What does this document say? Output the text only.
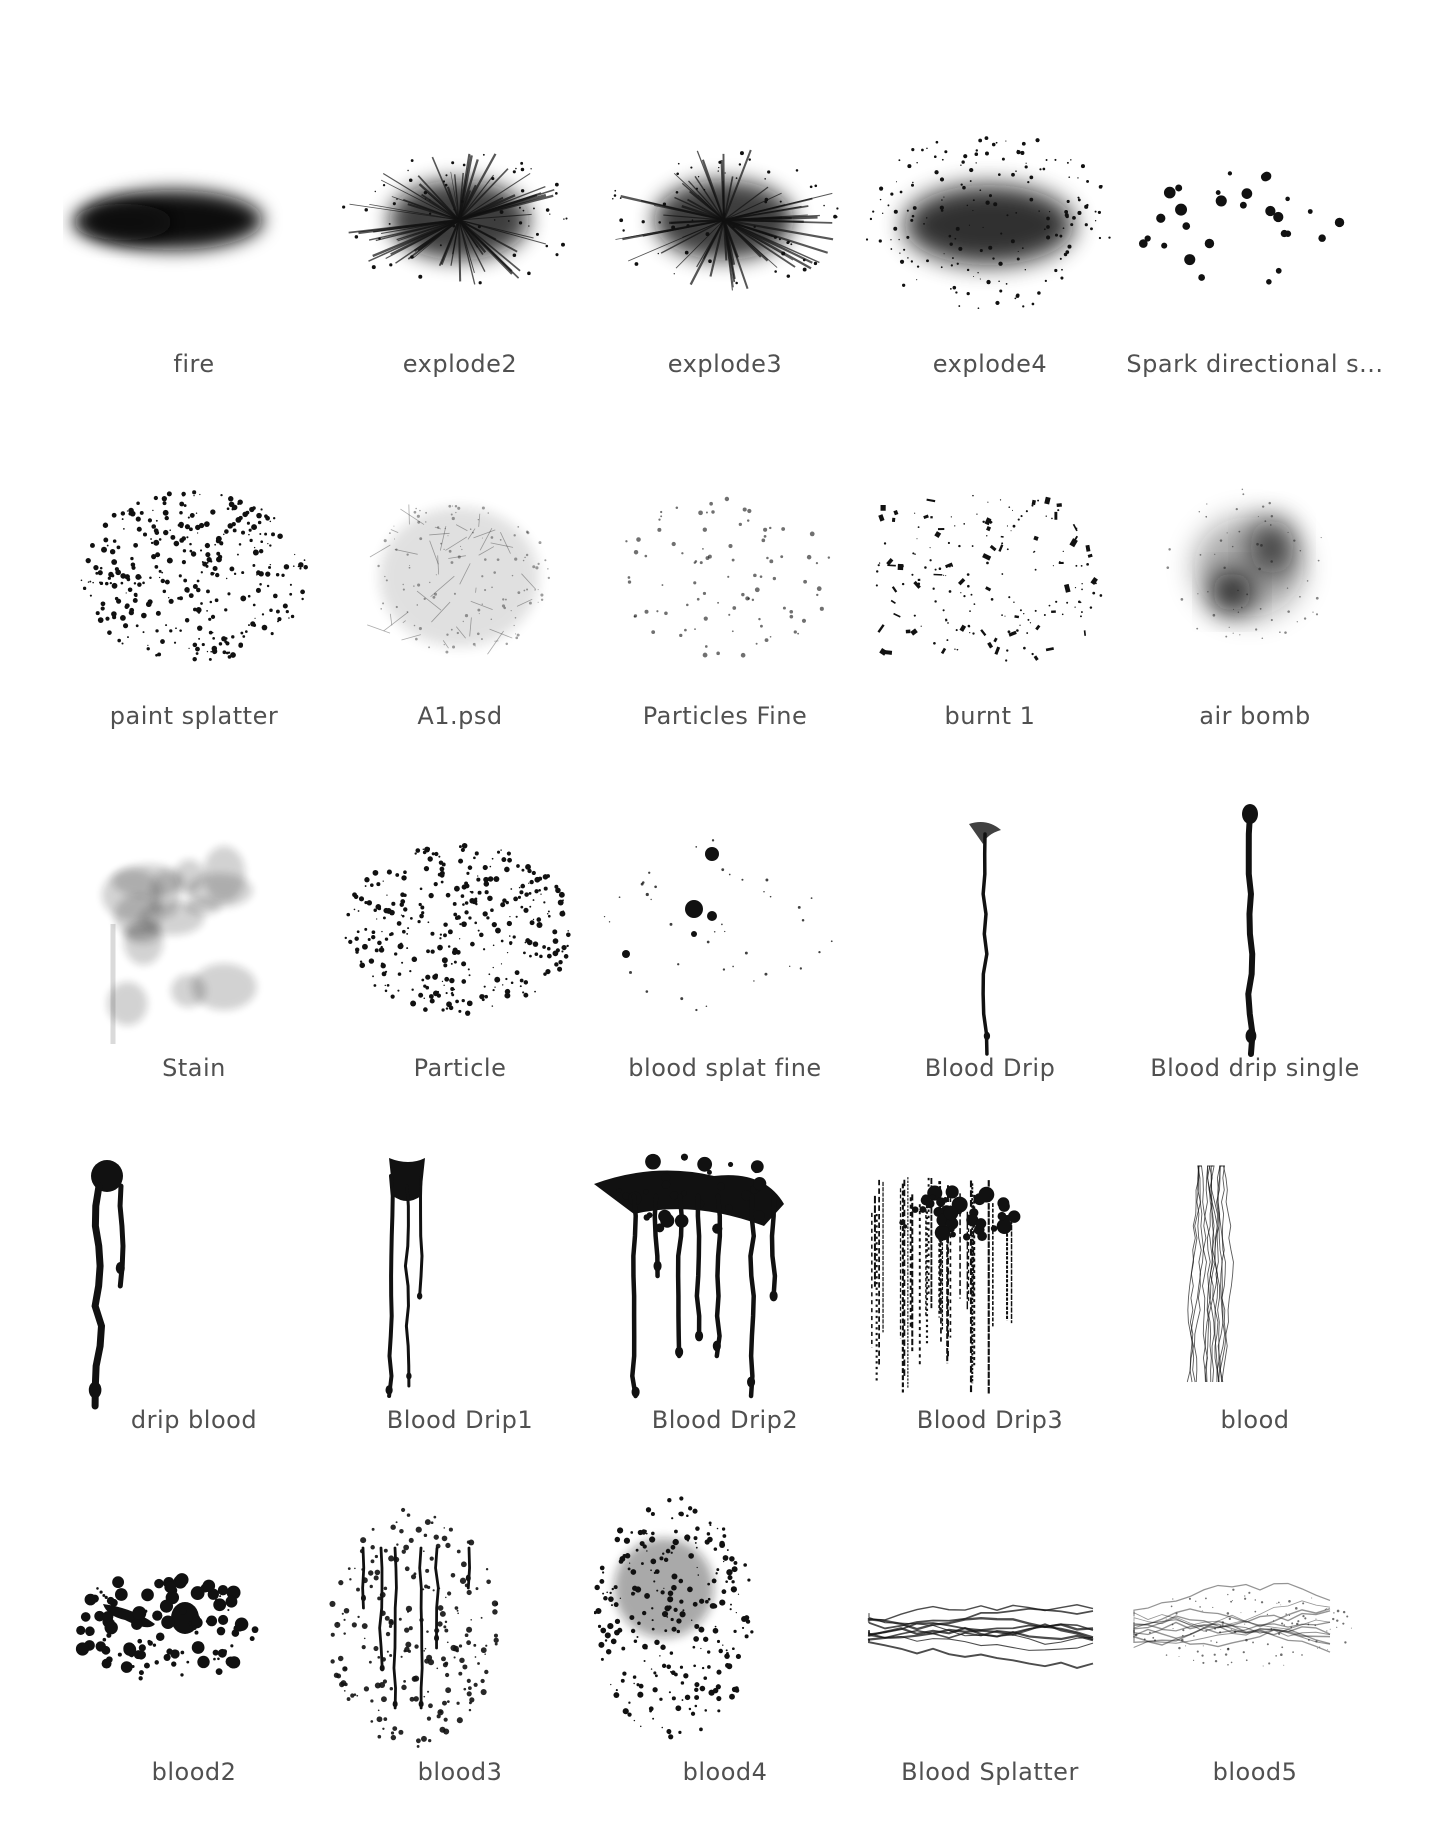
fire	explode2	explode3	explode4	Spark directional s...
paint splatter	A1.psd	Particles Fine	burnt 1	air bomb
Stain	Particle	blood splat fine	Blood Drip	Blood drip single
drip blood	Blood Drip1	Blood Drip2	Blood Drip3	blood
blood2	blood3	blood4	Blood Splatter	blood5
